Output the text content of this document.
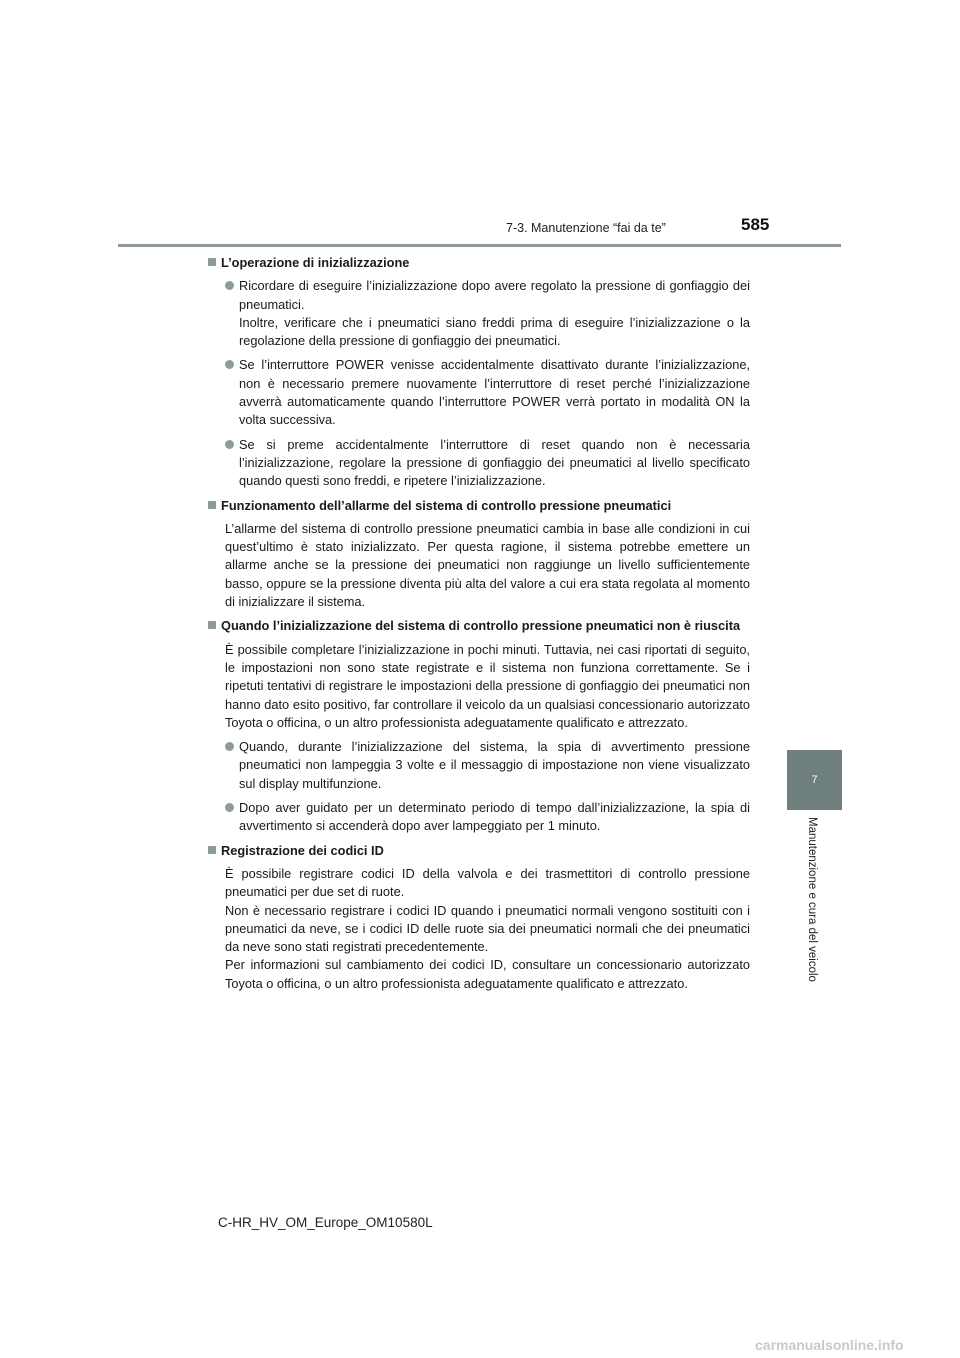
7-3. Manutenzione “fai da te”	585
7
Manutenzione e cura del veicolo
L’operazione di inizializzazione
Ricordare di eseguire l’inizializzazione dopo avere regolato la pressione di gonfiaggio dei pneumatici.
Inoltre, verificare che i pneumatici siano freddi prima di eseguire l’inizializzazione o la regolazione della pressione di gonfiaggio dei pneumatici.
Se l’interruttore POWER venisse accidentalmente disattivato durante l’inizializzazione, non è necessario premere nuovamente l’interruttore di reset perché l’inizializzazione avverrà automaticamente quando l’interruttore POWER verrà portato in modalità ON la volta successiva.
Se si preme accidentalmente l’interruttore di reset quando non è necessaria l’inizializzazione, regolare la pressione di gonfiaggio dei pneumatici al livello specificato quando questi sono freddi, e ripetere l’inizializzazione.
Funzionamento dell’allarme del sistema di controllo pressione pneumatici
L’allarme del sistema di controllo pressione pneumatici cambia in base alle condizioni in cui quest’ultimo è stato inizializzato. Per questa ragione, il sistema potrebbe emettere un allarme anche se la pressione dei pneumatici non raggiunge un livello sufficientemente basso, oppure se la pressione diventa più alta del valore a cui era stata regolata al momento di inizializzare il sistema.
Quando l’inizializzazione del sistema di controllo pressione pneumatici non è riuscita
È possibile completare l’inizializzazione in pochi minuti. Tuttavia, nei casi riportati di seguito, le impostazioni non sono state registrate e il sistema non funziona correttamente. Se i ripetuti tentativi di registrare le impostazioni della pressione di gonfiaggio dei pneumatici non hanno dato esito positivo, far controllare il veicolo da un qualsiasi concessionario autorizzato Toyota o officina, o un altro professionista adeguatamente qualificato e attrezzato.
Quando, durante l’inizializzazione del sistema, la spia di avvertimento pressione pneumatici non lampeggia 3 volte e il messaggio di impostazione non viene visualizzato sul display multifunzione.
Dopo aver guidato per un determinato periodo di tempo dall’inizializzazione, la spia di avvertimento si accenderà dopo aver lampeggiato per 1 minuto.
Registrazione dei codici ID
È possibile registrare codici ID della valvola e dei trasmettitori di controllo pressione pneumatici per due set di ruote.
Non è necessario registrare i codici ID quando i pneumatici normali vengono sostituiti con i pneumatici da neve, se i codici ID delle ruote sia dei pneumatici normali che dei pneumatici da neve sono stati registrati precedentemente.
Per informazioni sul cambiamento dei codici ID, consultare un concessionario autorizzato Toyota o officina, o un altro professionista adeguatamente qualificato e attrezzato.
C-HR_HV_OM_Europe_OM10580L
carmanualsonline.info
